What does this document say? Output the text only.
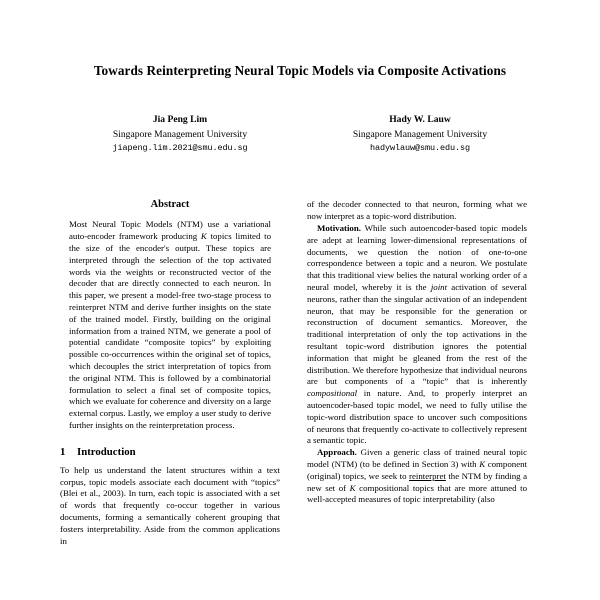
Towards Reinterpreting Neural Topic Models via Composite Activations
Jia Peng Lim
Singapore Management University
jiapeng.lim.2021@smu.edu.sg
Hady W. Lauw
Singapore Management University
hadywlauw@smu.edu.sg
Abstract

Most Neural Topic Models (NTM) use a variational auto-encoder framework producing K topics limited to the size of the encoder's output. These topics are interpreted through the selection of the top activated words via the weights or reconstructed vector of the decoder that are directly connected to each neuron. In this paper, we present a model-free two-stage process to reinterpret NTM and derive further insights on the state of the trained model. Firstly, building on the original information from a trained NTM, we generate a pool of potential candidate “composite topics” by exploiting possible co-occurrences within the original set of topics, which decouples the strict interpretation of topics from the original NTM. This is followed by a combinatorial formulation to select a final set of composite topics, which we evaluate for coherence and diversity on a large external corpus. Lastly, we employ a user study to derive further insights on the reinterpretation process.

1	Introduction

To help us understand the latent structures within a text corpus, topic models associate each document with “topics” (Blei et al., 2003). In turn, each topic is associated with a set of words that frequently co-occur together in various documents, forming a semantically coherent grouping that fosters interpretability. Aside from the common applications in

of the decoder connected to that neuron, forming what we now interpret as a topic-word distribution.

Motivation. While such autoencoder-based topic models are adept at learning lower-dimensional representations of documents, we question the notion of one-to-one correspondence between a topic and a neuron. We postulate that this traditional view belies the natural working order of a neural model, whereby it is the joint activation of several neurons, rather than the singular activation of an independent neuron, that may be responsible for the generation or reconstruction of document semantics. Moreover, the traditional interpretation of only the top activations in the resultant topic-word distribution ignores the potential information that might be gleaned from the rest of the distribution. We therefore hypothesize that individual neurons are but components of a “topic” that is inherently compositional in nature. And, to properly interpret an autoencoder-based topic model, we need to fully utilise the topic-word distribution space to uncover such compositions of neurons that frequently co-activate to collectively represent a semantic topic.

Approach. Given a generic class of trained neural topic model (NTM) (to be defined in Section 3) with K component (original) topics, we seek to reinterpret the NTM by finding a new set of K compositional topics that are more attuned to well-accepted measures of topic interpretability (also
